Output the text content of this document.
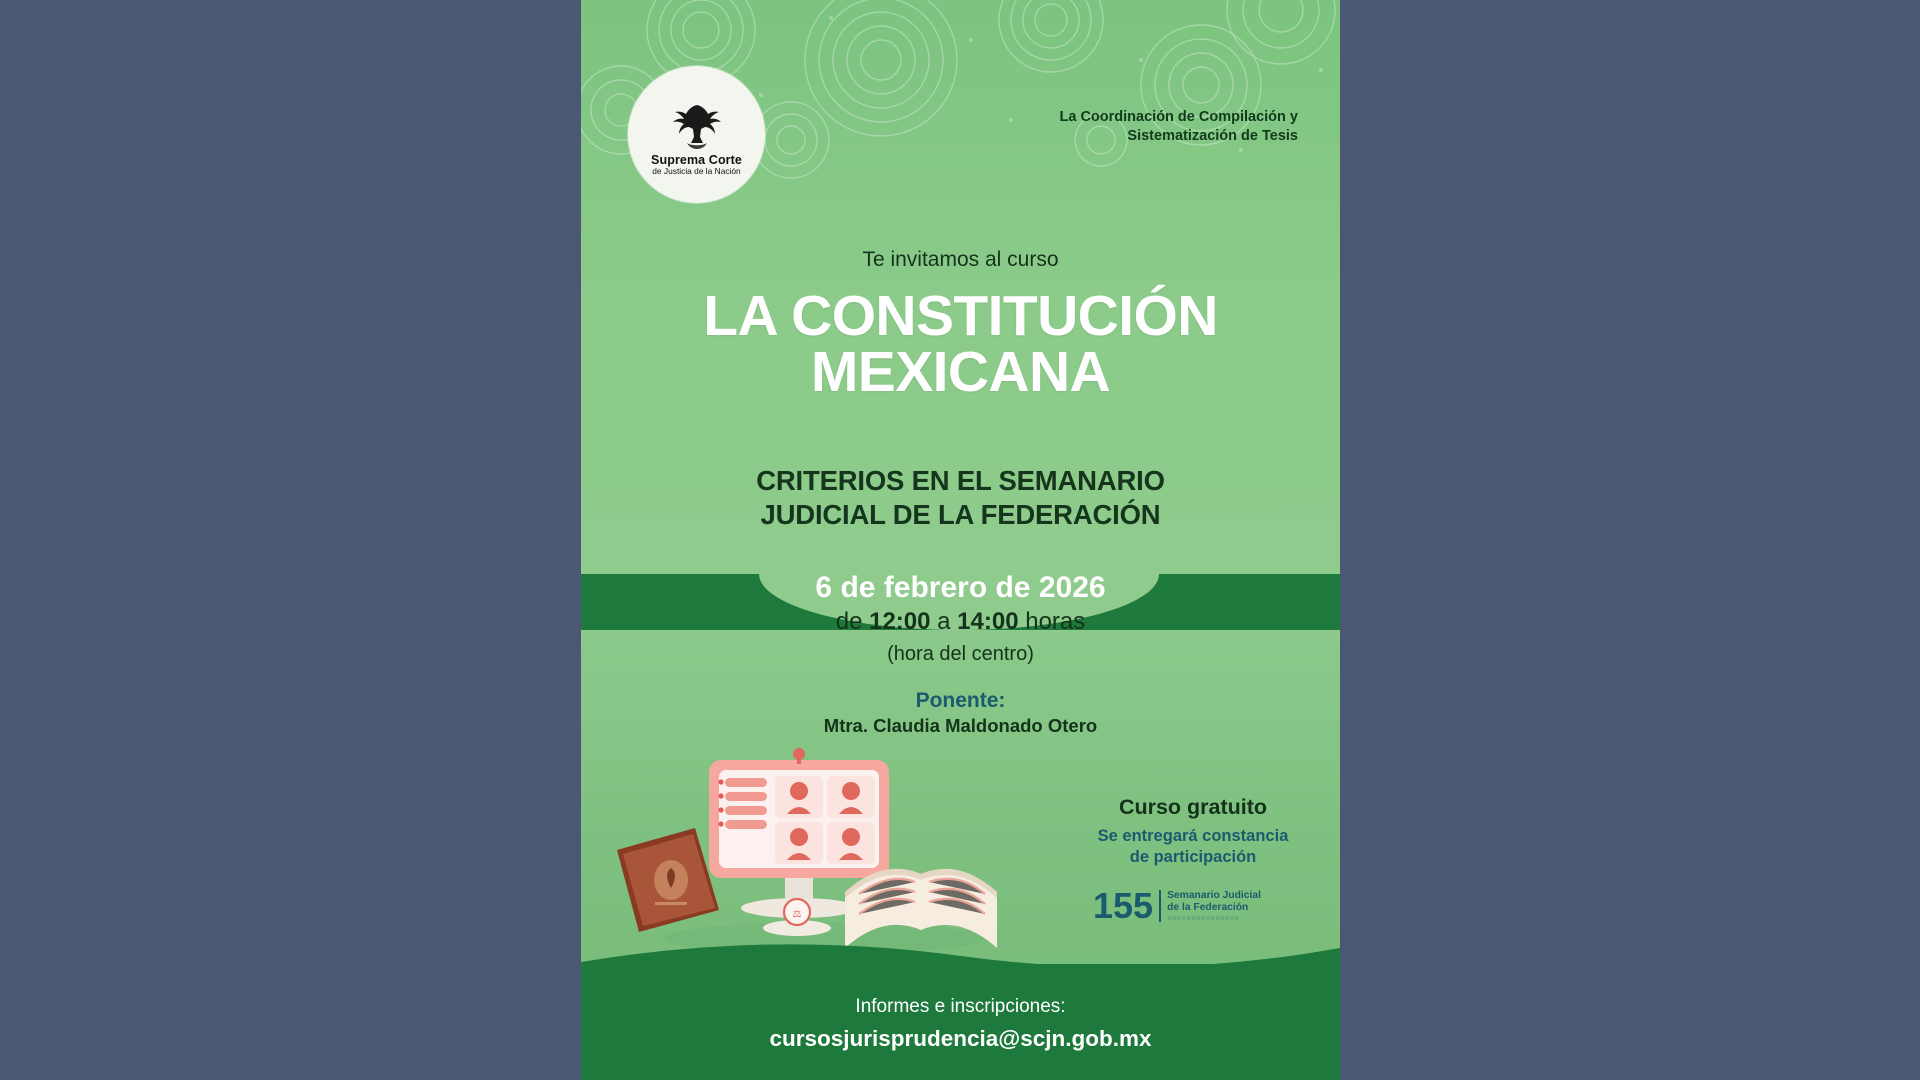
Suprema Corte
de Justicia de la Nación
La Coordinación de Compilación y Sistematización de Tesis
Te invitamos al curso
LA CONSTITUCIÓN
MEXICANA
CRITERIOS EN EL SEMANARIO
JUDICIAL DE LA FEDERACIÓN
6 de febrero de 2026
de 12:00 a 14:00 horas
(hora del centro)
Ponente:
Mtra. Claudia Maldonado Otero
⚖
Curso gratuito
Se entregará constancia
de participación
155 Semanario Judicial
de la Federación
○○○○○○○○○○○○○○○
Informes e inscripciones:
cursosjurisprudencia@scjn.gob.mx
